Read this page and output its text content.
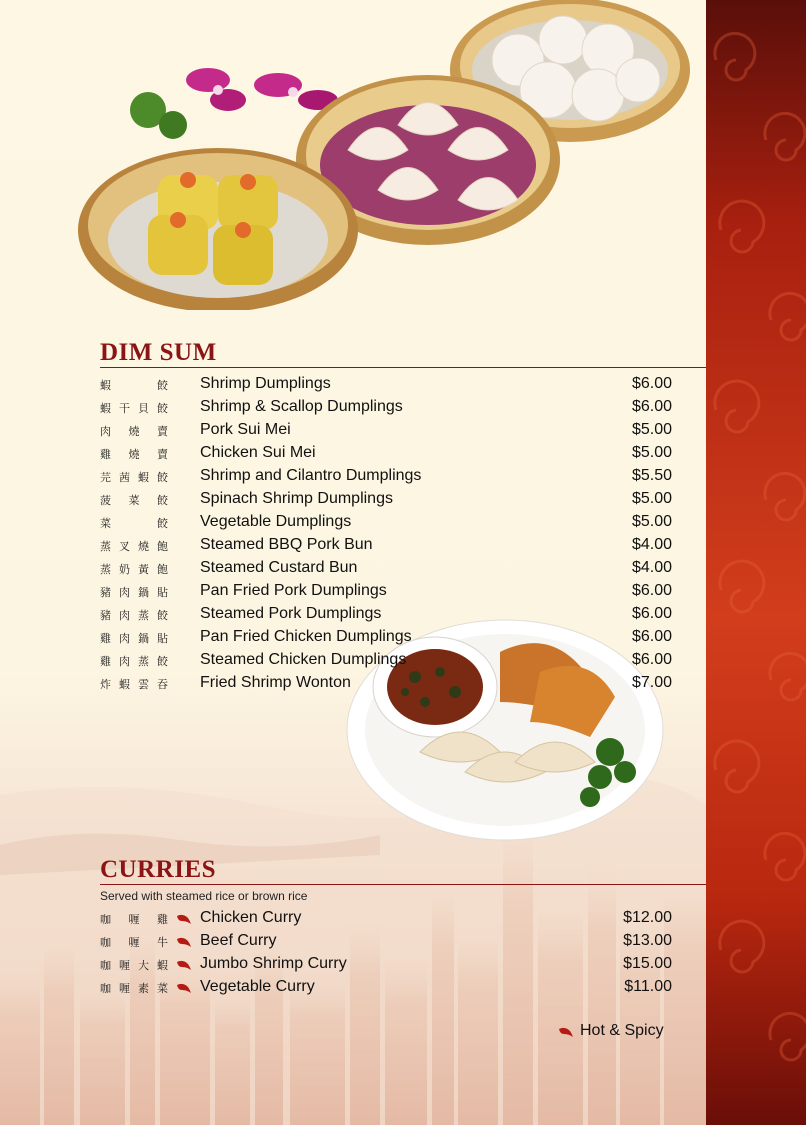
DIM SUM
蝦	餃 Shrimp Dumplings	$6.00
蝦 干 貝 餃 Shrimp & Scallop Dumplings	$6.00
肉 燒 賣 Pork Sui Mei	$5.00
雞 燒 賣 Chicken Sui Mei	$5.00
芫 茜 蝦 餃 Shrimp and Cilantro Dumplings	$5.50
菠 菜 餃 Spinach Shrimp Dumplings	$5.00
菜	餃 Vegetable Dumplings	$5.00
蒸 叉 燒 飽 Steamed BBQ Pork Bun	$4.00
蒸 奶 黃 飽 Steamed Custard Bun	$4.00
豬 肉 鍋 貼 Pan Fried Pork Dumplings	$6.00
豬 肉 蒸 餃 Steamed Pork Dumplings	$6.00
雞 肉 鍋 貼 Pan Fried Chicken Dumplings	$6.00
雞 肉 蒸 餃 Steamed Chicken Dumplings	$6.00
炸 蝦 雲 吞 Fried Shrimp Wonton	$7.00
CURRIES
Served with steamed rice or brown rice
咖 喱 雞 Chicken Curry	$12.00
咖 喱 牛 Beef Curry	$13.00
咖 喱 大 蝦 Jumbo Shrimp Curry	$15.00
咖 喱 素 菜 Vegetable Curry	$11.00
Hot & Spicy
